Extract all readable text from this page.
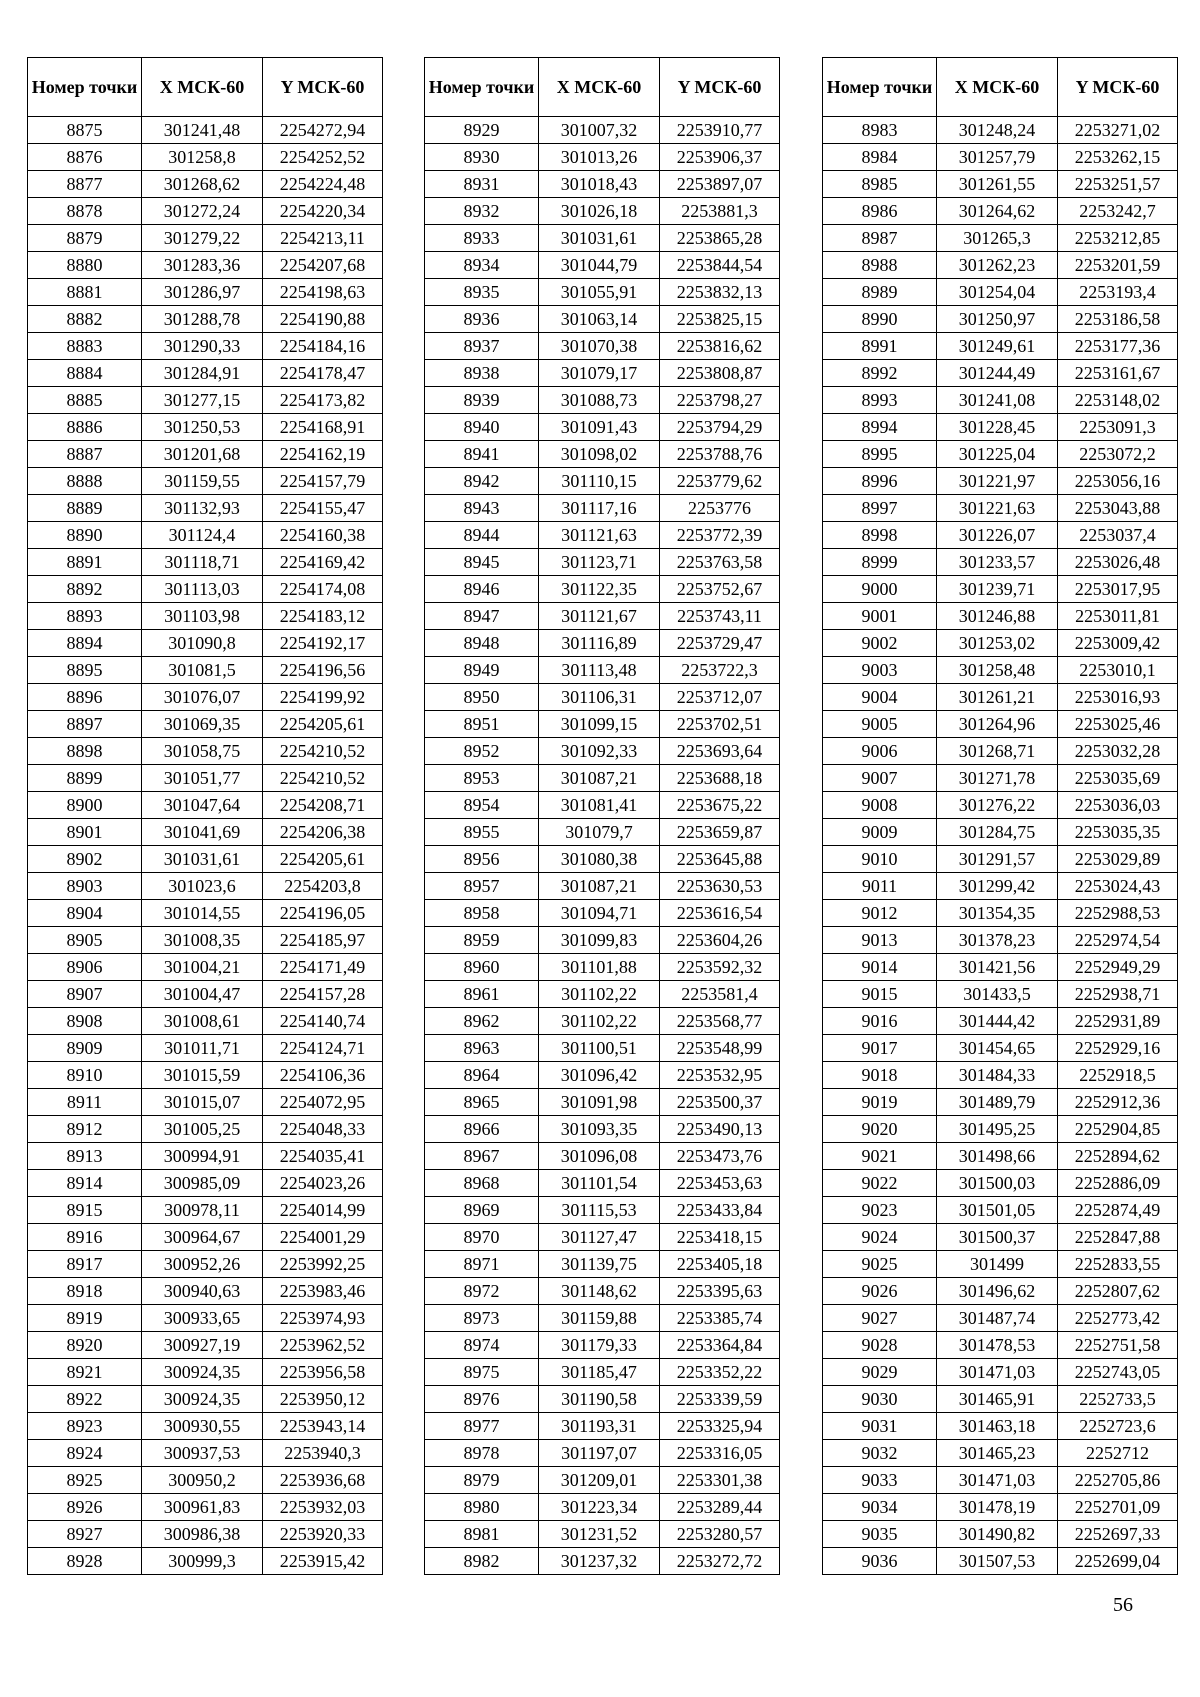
Номер точки	X МСК-60	Y МСК-60
8875	301241,48	2254272,94
8876	301258,8	2254252,52
8877	301268,62	2254224,48
8878	301272,24	2254220,34
8879	301279,22	2254213,11
8880	301283,36	2254207,68
8881	301286,97	2254198,63
8882	301288,78	2254190,88
8883	301290,33	2254184,16
8884	301284,91	2254178,47
8885	301277,15	2254173,82
8886	301250,53	2254168,91
8887	301201,68	2254162,19
8888	301159,55	2254157,79
8889	301132,93	2254155,47
8890	301124,4	2254160,38
8891	301118,71	2254169,42
8892	301113,03	2254174,08
8893	301103,98	2254183,12
8894	301090,8	2254192,17
8895	301081,5	2254196,56
8896	301076,07	2254199,92
8897	301069,35	2254205,61
8898	301058,75	2254210,52
8899	301051,77	2254210,52
8900	301047,64	2254208,71
8901	301041,69	2254206,38
8902	301031,61	2254205,61
8903	301023,6	2254203,8
8904	301014,55	2254196,05
8905	301008,35	2254185,97
8906	301004,21	2254171,49
8907	301004,47	2254157,28
8908	301008,61	2254140,74
8909	301011,71	2254124,71
8910	301015,59	2254106,36
8911	301015,07	2254072,95
8912	301005,25	2254048,33
8913	300994,91	2254035,41
8914	300985,09	2254023,26
8915	300978,11	2254014,99
8916	300964,67	2254001,29
8917	300952,26	2253992,25
8918	300940,63	2253983,46
8919	300933,65	2253974,93
8920	300927,19	2253962,52
8921	300924,35	2253956,58
8922	300924,35	2253950,12
8923	300930,55	2253943,14
8924	300937,53	2253940,3
8925	300950,2	2253936,68
8926	300961,83	2253932,03
8927	300986,38	2253920,33
8928	300999,3	2253915,42
Номер точки	X МСК-60	Y МСК-60
8929	301007,32	2253910,77
8930	301013,26	2253906,37
8931	301018,43	2253897,07
8932	301026,18	2253881,3
8933	301031,61	2253865,28
8934	301044,79	2253844,54
8935	301055,91	2253832,13
8936	301063,14	2253825,15
8937	301070,38	2253816,62
8938	301079,17	2253808,87
8939	301088,73	2253798,27
8940	301091,43	2253794,29
8941	301098,02	2253788,76
8942	301110,15	2253779,62
8943	301117,16	2253776
8944	301121,63	2253772,39
8945	301123,71	2253763,58
8946	301122,35	2253752,67
8947	301121,67	2253743,11
8948	301116,89	2253729,47
8949	301113,48	2253722,3
8950	301106,31	2253712,07
8951	301099,15	2253702,51
8952	301092,33	2253693,64
8953	301087,21	2253688,18
8954	301081,41	2253675,22
8955	301079,7	2253659,87
8956	301080,38	2253645,88
8957	301087,21	2253630,53
8958	301094,71	2253616,54
8959	301099,83	2253604,26
8960	301101,88	2253592,32
8961	301102,22	2253581,4
8962	301102,22	2253568,77
8963	301100,51	2253548,99
8964	301096,42	2253532,95
8965	301091,98	2253500,37
8966	301093,35	2253490,13
8967	301096,08	2253473,76
8968	301101,54	2253453,63
8969	301115,53	2253433,84
8970	301127,47	2253418,15
8971	301139,75	2253405,18
8972	301148,62	2253395,63
8973	301159,88	2253385,74
8974	301179,33	2253364,84
8975	301185,47	2253352,22
8976	301190,58	2253339,59
8977	301193,31	2253325,94
8978	301197,07	2253316,05
8979	301209,01	2253301,38
8980	301223,34	2253289,44
8981	301231,52	2253280,57
8982	301237,32	2253272,72
Номер точки	X МСК-60	Y МСК-60
8983	301248,24	2253271,02
8984	301257,79	2253262,15
8985	301261,55	2253251,57
8986	301264,62	2253242,7
8987	301265,3	2253212,85
8988	301262,23	2253201,59
8989	301254,04	2253193,4
8990	301250,97	2253186,58
8991	301249,61	2253177,36
8992	301244,49	2253161,67
8993	301241,08	2253148,02
8994	301228,45	2253091,3
8995	301225,04	2253072,2
8996	301221,97	2253056,16
8997	301221,63	2253043,88
8998	301226,07	2253037,4
8999	301233,57	2253026,48
9000	301239,71	2253017,95
9001	301246,88	2253011,81
9002	301253,02	2253009,42
9003	301258,48	2253010,1
9004	301261,21	2253016,93
9005	301264,96	2253025,46
9006	301268,71	2253032,28
9007	301271,78	2253035,69
9008	301276,22	2253036,03
9009	301284,75	2253035,35
9010	301291,57	2253029,89
9011	301299,42	2253024,43
9012	301354,35	2252988,53
9013	301378,23	2252974,54
9014	301421,56	2252949,29
9015	301433,5	2252938,71
9016	301444,42	2252931,89
9017	301454,65	2252929,16
9018	301484,33	2252918,5
9019	301489,79	2252912,36
9020	301495,25	2252904,85
9021	301498,66	2252894,62
9022	301500,03	2252886,09
9023	301501,05	2252874,49
9024	301500,37	2252847,88
9025	301499	2252833,55
9026	301496,62	2252807,62
9027	301487,74	2252773,42
9028	301478,53	2252751,58
9029	301471,03	2252743,05
9030	301465,91	2252733,5
9031	301463,18	2252723,6
9032	301465,23	2252712
9033	301471,03	2252705,86
9034	301478,19	2252701,09
9035	301490,82	2252697,33
9036	301507,53	2252699,04
56
